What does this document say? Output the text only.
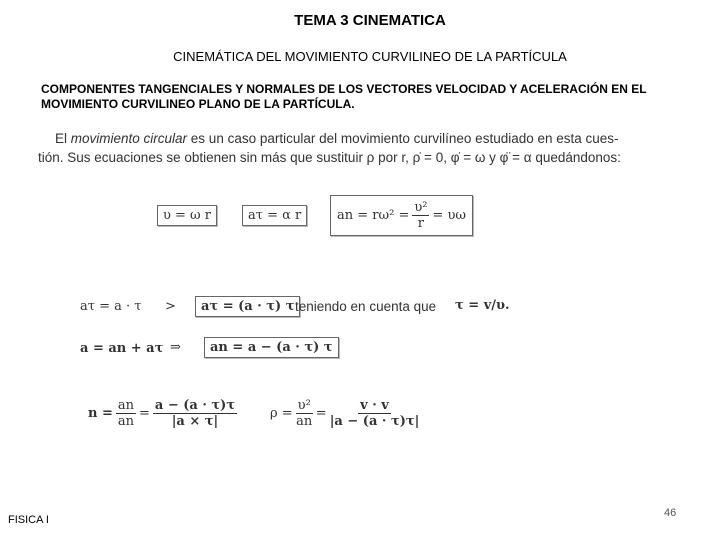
TEMA 3 CINEMATICA
CINEMÁTICA DEL MOVIMIENTO CURVILINEO DE LA PARTÍCULA
COMPONENTES TANGENCIALES Y NORMALES DE LOS VECTORES VELOCIDAD Y ACELERACIÓN EN EL
MOVIMIENTO CURVILINEO PLANO DE LA PARTÍCULA.
El movimiento circular es un caso particular del movimiento curvilíneo estudiado en esta cues-
tión. Sus ecuaciones se obtienen sin más que sustituir ρ por r, ρ̇ = 0, φ̇ = ω y φ̈ = α quedándonos:
υ = ω r	aτ = α r	an = $r\omega^2 = \frac{\text{υ²}}{r} = \upsilon\omega$
aτ = a · τ >	aτ = (a · τ) τ teniendo en cuenta que τ = v/υ.
a = an + aτ ⇒	an = a − (a · τ) τ
$n = \frac{an}{an} = \frac{a - (a \cdot \tau)\tau}{|a \times \tau|}$	$\rho = \frac{\text{υ²}}{an} = \frac{v \cdot v}{|a - (a \cdot \tau)\tau|}$
FISICA I
46
